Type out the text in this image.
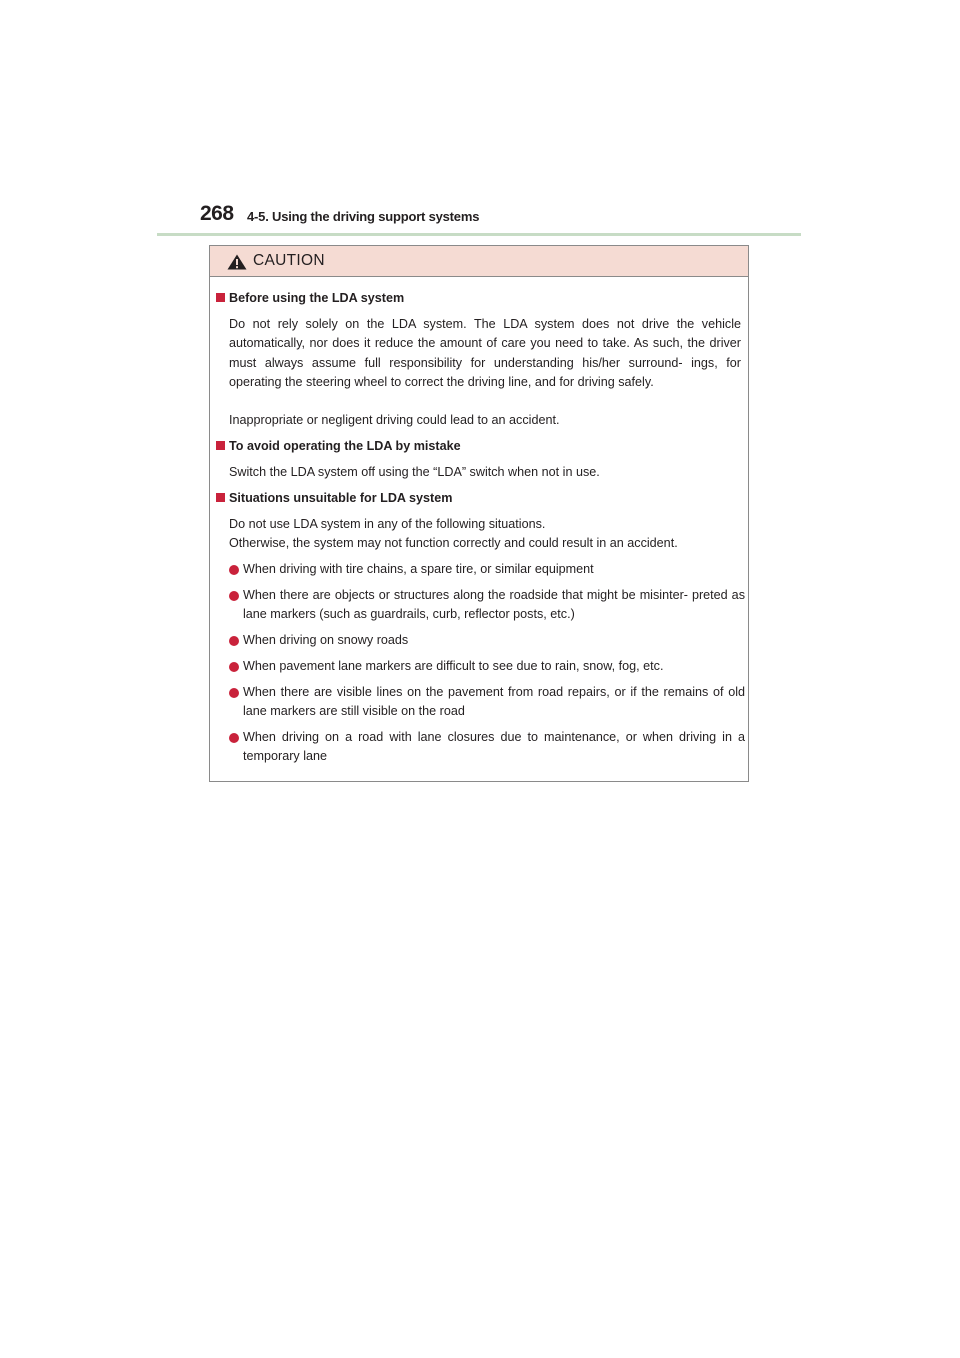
268 4-5. Using the driving support systems
CAUTION
Before using the LDA system
Do not rely solely on the LDA system. The LDA system does not drive the vehicle automatically, nor does it reduce the amount of care you need to take. As such, the driver must always assume full responsibility for understanding his/her surround- ings, for operating the steering wheel to correct the driving line, and for driving safely.
Inappropriate or negligent driving could lead to an accident.
To avoid operating the LDA by mistake
Switch the LDA system off using the “LDA” switch when not in use.
Situations unsuitable for LDA system
Do not use LDA system in any of the following situations.
Otherwise, the system may not function correctly and could result in an accident.
When driving with tire chains, a spare tire, or similar equipment
When there are objects or structures along the roadside that might be misinter- preted as lane markers (such as guardrails, curb, reflector posts, etc.)
When driving on snowy roads
When pavement lane markers are difficult to see due to rain, snow, fog, etc.
When there are visible lines on the pavement from road repairs, or if the remains of old lane markers are still visible on the road
When driving on a road with lane closures due to maintenance, or when driving in a temporary lane
